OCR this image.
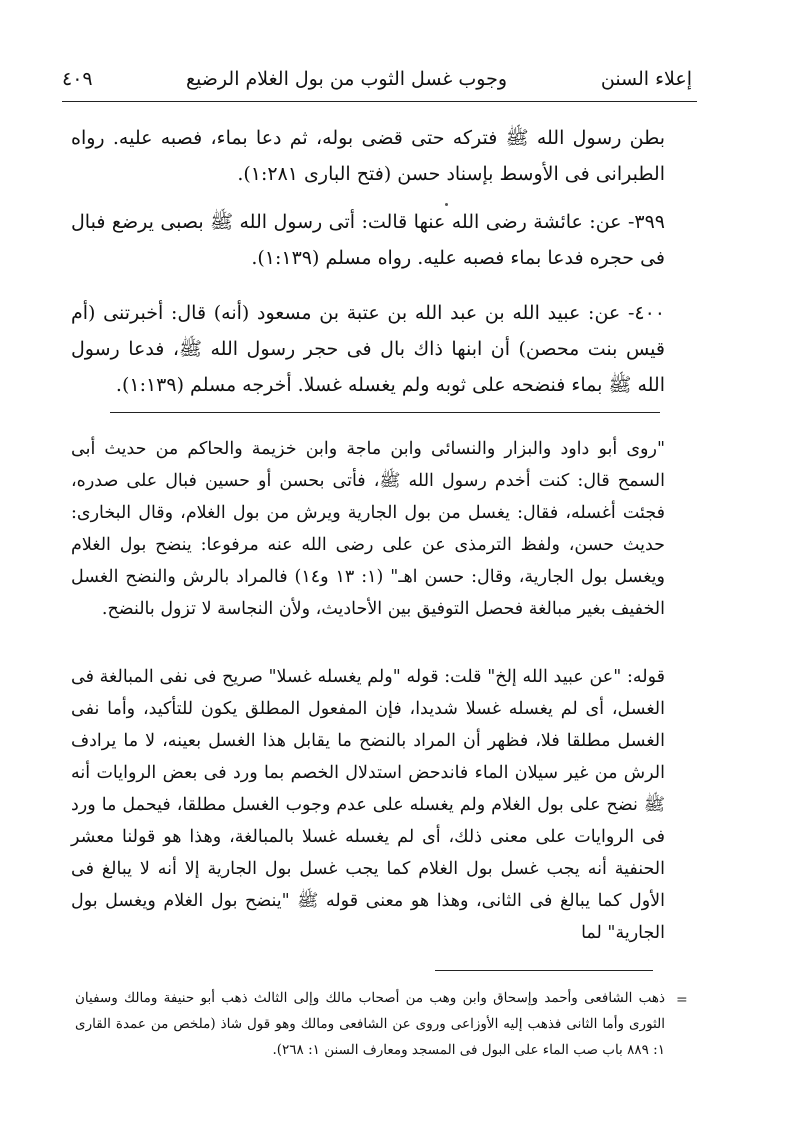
إعلاء السنن
وجوب غسل الثوب من بول الغلام الرضيع
٤٠٩
بطن رسول الله ﷺ فتركه حتى قضى بوله، ثم دعا بماء، فصبه عليه. رواه الطبرانى فى الأوسط بإسناد حسن (فتح البارى ١:٢٨١).
٣٩٩- عن: عائشة رضى الله عنها قالت: أتى رسول الله ﷺ بصبى يرضع فبال فى حجره فدعا بماء فصبه عليه. رواه مسلم (١:١٣٩).
٤٠٠- عن: عبيد الله بن عبد الله بن عتبة بن مسعود (أنه) قال: أخبرتنى (أم قيس بنت محصن) أن ابنها ذاك بال فى حجر رسول الله ﷺ، فدعا رسول الله ﷺ بماء فنضحه على ثوبه ولم يغسله غسلا. أخرجه مسلم (١:١٣٩).
"روى أبو داود والبزار والنسائى وابن ماجة وابن خزيمة والحاكم من حديث أبى السمح قال: كنت أخدم رسول الله ﷺ، فأتى بحسن أو حسين فبال على صدره، فجئت أغسله، فقال: يغسل من بول الجارية ويرش من بول الغلام، وقال البخارى: حديث حسن، ولفظ الترمذى عن على رضى الله عنه مرفوعا: ينضح بول الغلام ويغسل بول الجارية، وقال: حسن اهـ" (١: ١٣ و١٤) فالمراد بالرش والنضح الغسل الخفيف بغير مبالغة فحصل التوفيق بين الأحاديث، ولأن النجاسة لا تزول بالنضح.
قوله: "عن عبيد الله إلخ" قلت: قوله "ولم يغسله غسلا" صريح فى نفى المبالغة فى الغسل، أى لم يغسله غسلا شديدا، فإن المفعول المطلق يكون للتأكيد، وأما نفى الغسل مطلقا فلا، فظهر أن المراد بالنضح ما يقابل هذا الغسل بعينه، لا ما يرادف الرش من غير سيلان الماء فاندحض استدلال الخصم بما ورد فى بعض الروايات أنه ﷺ نضح على بول الغلام ولم يغسله على عدم وجوب الغسل مطلقا، فيحمل ما ورد فى الروايات على معنى ذلك، أى لم يغسله غسلا بالمبالغة، وهذا هو قولنا معشر الحنفية أنه يجب غسل بول الغلام كما يجب غسل بول الجارية إلا أنه لا يبالغ فى الأول كما يبالغ فى الثانى، وهذا هو معنى قوله ﷺ "ينضح بول الغلام ويغسل بول الجارية" لما
ذهب الشافعى وأحمد وإسحاق وابن وهب من أصحاب مالك وإلى الثالث ذهب أبو حنيفة ومالك وسفيان الثورى وأما الثانى فذهب إليه الأوزاعى وروى عن الشافعى ومالك وهو قول شاذ (ملخص من عمدة القارى ١: ٨٨٩ باب صب الماء على البول فى المسجد ومعارف السنن ١: ٢٦٨).
=
